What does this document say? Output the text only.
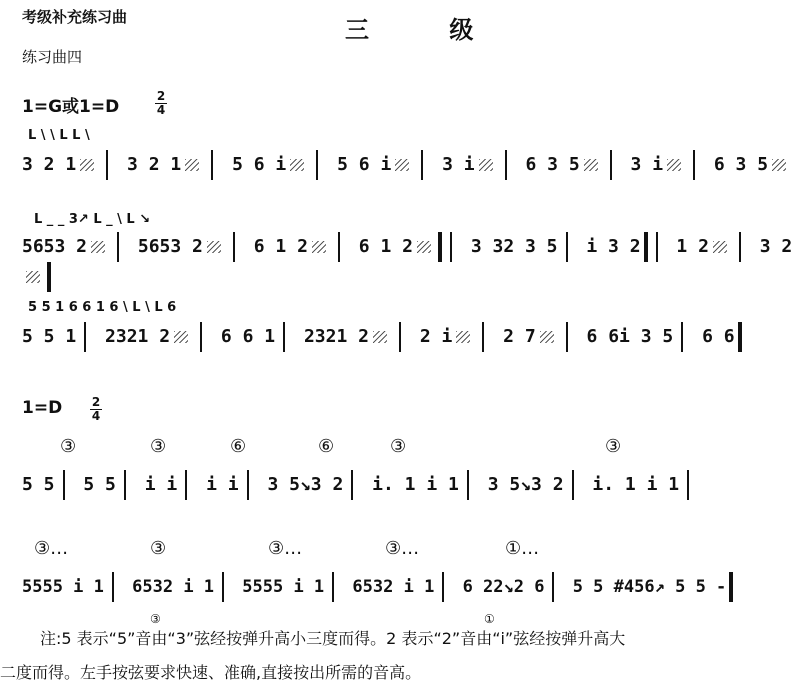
考级补充练习曲	三 级
练习曲四
1=G或1=D
2
4
L \ \ L L \
3 2 1	3 2 1	5 6 i	5 6 i	3 i	6 3 5	3 i	6 3 5
L _ _ 3↗ L _ \ L ↘
5653 2	5653 2	6 1 2	6 1 2	3 32 3 5 i 3 2 1 2	3 2
5 5 1 6 6 1 6 \ L \ L 6
5 5 1 2321 2	6 6 1 2321 2	2 i	2 7	6 6i 3 5 6 6
1=D 2
4
③	③	⑥	⑥	③	③
5 5 5 5 i i i i 3 5↘3 2 i. 1 i 1 3 5↘3 2 i. 1 i 1
③…	③	③…	③…	①…
5555 i 1 6532 i 1 5555 i 1 6532 i 1 6 22↘2 6 5 5 #456↗ 5 5 -
③	①
注:5 表示“5”音由“3”弦经按弹升高小三度而得。2 表示“2”音由“i”弦经按弹升高大
二度而得。左手按弦要求快速、准确,直接按出所需的音高。
